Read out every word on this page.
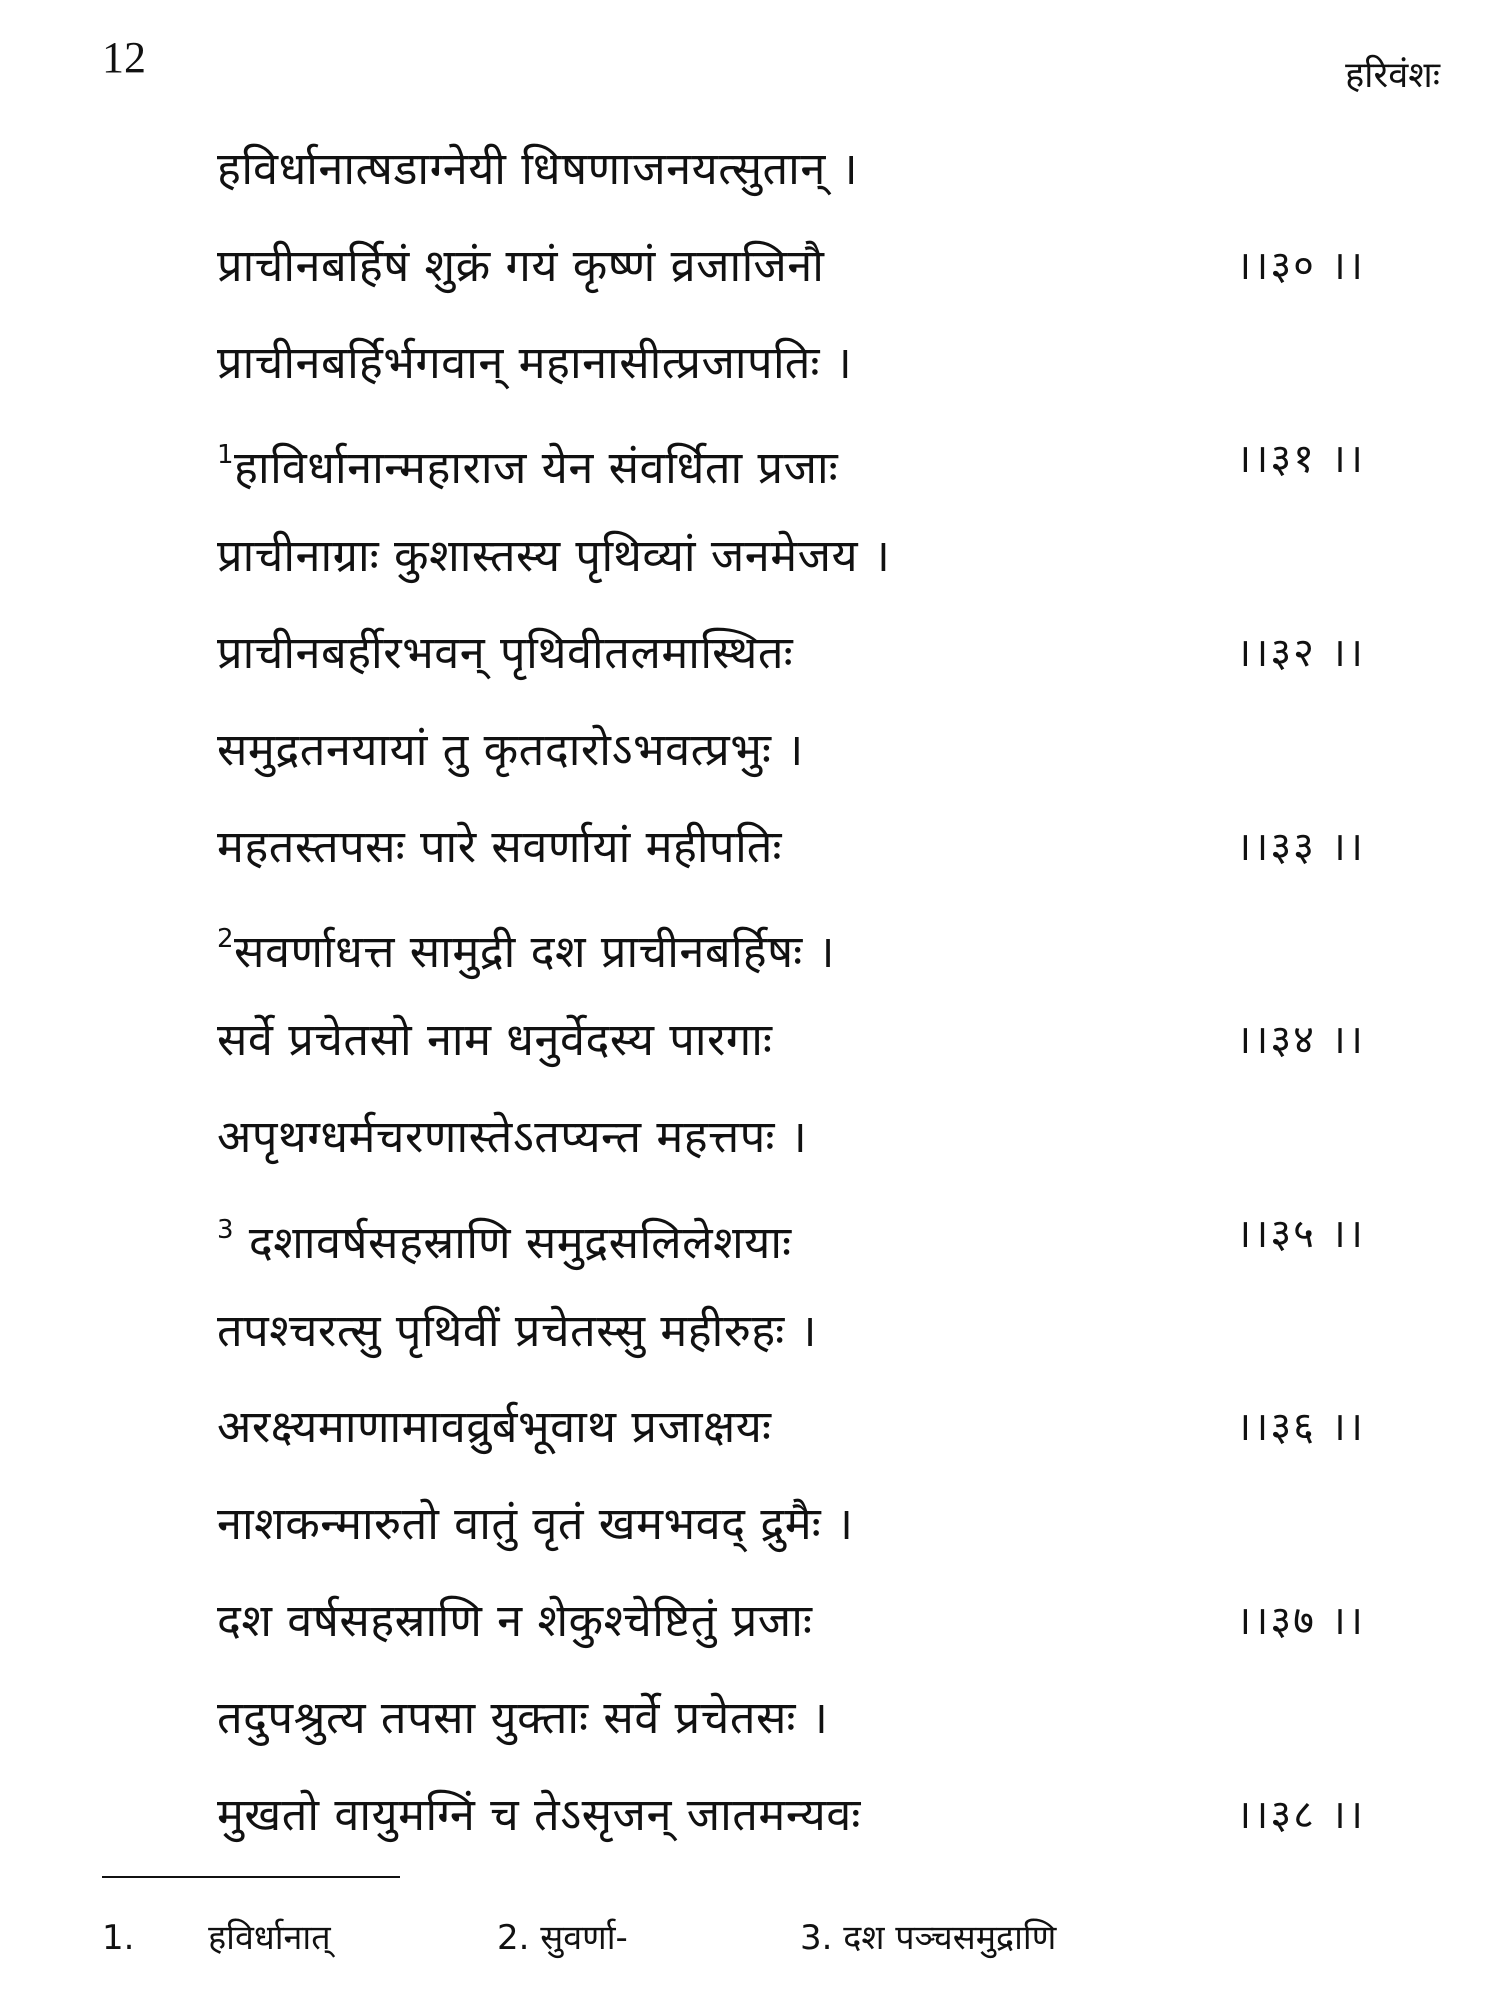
12	हरिवंशः
हविर्धानात्षडाग्नेयी धिषणाजनयत्सुतान् ।
प्राचीनबर्हिषं शुक्रं गयं कृष्णं व्रजाजिनौ	।।३० ।।
प्राचीनबर्हिर्भगवान् महानासीत्प्रजापतिः ।
$^1$हाविर्धानान्महाराज येन संवर्धिता प्रजाः	।।३१ ।।
प्राचीनाग्राः कुशास्तस्य पृथिव्यां जनमेजय ।
प्राचीनबर्हीरभवन् पृथिवीतलमास्थितः	।।३२ ।।
समुद्रतनयायां तु कृतदारोऽभवत्प्रभुः ।
महतस्तपसः पारे सवर्णायां महीपतिः	।।३३ ।।
$^2$सवर्णाधत्त सामुद्री दश प्राचीनबर्हिषः ।
सर्वे प्रचेतसो नाम धनुर्वेदस्य पारगाः	।।३४ ।।
अपृथग्धर्मचरणास्तेऽतप्यन्त महत्तपः ।
$^3$ दशावर्षसहस्राणि समुद्रसलिलेशयाः	।।३५ ।।
तपश्चरत्सु पृथिवीं प्रचेतस्सु महीरुहः ।
अरक्ष्यमाणामावव्रुर्बभूवाथ प्रजाक्षयः	।।३६ ।।
नाशकन्मारुतो वातुं वृतं खमभवद् द्रुमैः ।
दश वर्षसहस्राणि न शेकुश्चेष्टितुं प्रजाः	।।३७ ।।
तदुपश्रुत्य तपसा युक्ताः सर्वे प्रचेतसः ।
मुखतो वायुमग्निं च तेऽसृजन् जातमन्यवः	।।३८ ।।
1. हविर्धानात्	2. सुवर्णा-	3. दश पञ्चसमुद्राणि
